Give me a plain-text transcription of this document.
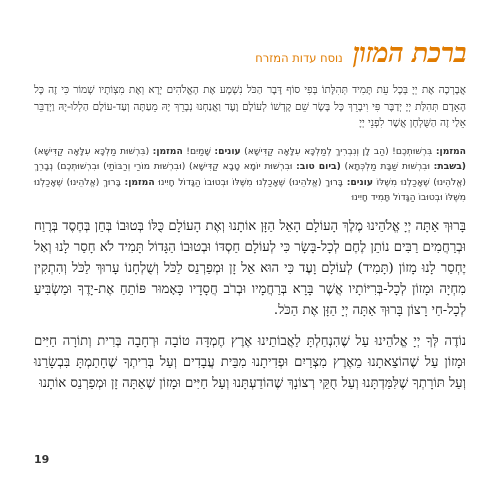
ברכת המזון
נוסח עדות המזרח

אֲבָרְכָה אֶת יְיָ בְּכָל עֵת תָּמִיד תְּהִלָּתוֹ בְּפִי סוֹף דָּבָר הַכֹּל נִשְׁמָע אֶת הָאֱלֹהִים יְרָא וְאֶת מִצְוֹתָיו שְׁמוֹר כִּי זֶה כָּל הָאָדָם תְּהִלַּת יְיָ יְדַבֶּר פִּי וִיבָרֵךְ כָּל בָּשָׂר שֵׁם קָדְשׁוֹ לְעוֹלָם וָעֶד וַאֲנַחְנוּ נְבָרֵךְ יָהּ מֵעַתָּה וְעַד-עוֹלָם הַלְלוּ-יָהּ וַיְדַבֵּר אֵלַי זֶה הַשֻּׁלְחָן אֲשֶׁר לִפְנֵי יְיָ

המזמן: בִּרְשׁוּתְכֶם! (הַב לָן וְנִבְרִיךְ לְמַלְכָּא עִלָּאָה קַדִּישָׁא) עונים: שָׁמַיִם! המזמן: (בִּרְשׁוּת מַלְכָּא עִלָּאָה קַדִּישָׁא) (בשבת: וּבִרְשׁוּת שַׁבָּת מַלְכְּתָא) (ביום טוב: וּבִרְשׁוּת יוֹמָא טָבָא קַדִּישָׁא) (וּבִרְשׁוּת מוֹרַי וְרַבּוֹתַי) וּבִרְשׁוּתְכֶם) נְבָרֵךְ (אֱלֹהֵינוּ) שֶׁאָכַלְנוּ מִשֶּׁלּוֹ עונים: בָּרוּךְ (אֱלֹהֵינוּ) שֶׁאָכַלְנוּ מִשֶּׁלּוֹ וּבְטוּבוֹ הַגָּדוֹל חָיִינוּ המזמן: בָּרוּךְ (אֱלֹהֵינוּ) שֶׁאָכַלְנוּ מִשֶּׁלּוֹ וּבְטוּבוֹ הַגָּדוֹל תָּמִיד חָיִינוּ

בָּרוּךְ אַתָּה יְיָ אֱלֹהֵינוּ מֶלֶךְ הָעוֹלָם הָאֵל הַזָּן אוֹתָנוּ וְאֶת הָעוֹלָם כֻּלּוֹ בְּטוּבוֹ בְּחֵן בְּחֶסֶד בְּרֶוַח וּבְרַחֲמִים רַבִּים נוֹתֵן לֶחֶם לְכָל-בָּשָׂר כִּי לְעוֹלָם חַסְדּוֹ וּבְטוּבוֹ הַגָּדוֹל תָּמִיד לֹא חָסַר לָנוּ וְאַל יֶחְסַר לָנוּ מָזוֹן (תָּמִיד) לְעוֹלָם וָעֶד כִּי הוּא אֵל זָן וּמְפַרְנֵס לַכֹּל וְשֻׁלְחָנוֹ עָרוּךְ לַכֹּל וְהִתְקִין מִחְיָה וּמָזוֹן לְכָל-בְּרִיּוֹתָיו אֲשֶׁר בָּרָא בְּרַחֲמָיו וּבְרֹב חֲסָדָיו כָּאָמוּר פּוֹתֵחַ אֶת-יָדֶךָ וּמַשְׂבִּיעַ לְכָל-חַי רָצוֹן בָּרוּךְ אַתָּה יְיָ הַזָּן אֶת הַכֹּל.

נוֹדֶה לְּךָ יְיָ אֱלֹהֵינוּ עַל שֶׁהִנְחַלְתָּ לַאֲבוֹתֵינוּ אֶרֶץ חֶמְדָּה טוֹבָה וּרְחָבָה בְּרִית וְתוֹרָה חַיִּים וּמָזוֹן עַל שֶׁהוֹצֵאתָנוּ מֵאֶרֶץ מִצְרַיִם וּפְדִיתָנוּ מִבֵּית עֲבָדִים וְעַל בְּרִיתְךָ שֶׁחָתַמְתָּ בִּבְשָׂרֵנוּ וְעַל תּוֹרָתְךָ שֶׁלִּמַּדְתָּנוּ וְעַל חֻקֵּי רְצוֹנָךְ שֶׁהוֹדַעְתָּנוּ וְעַל חַיִּים וּמָזוֹן שֶׁאַתָּה זָן וּמְפַרְנֵס אוֹתָנוּ

19
